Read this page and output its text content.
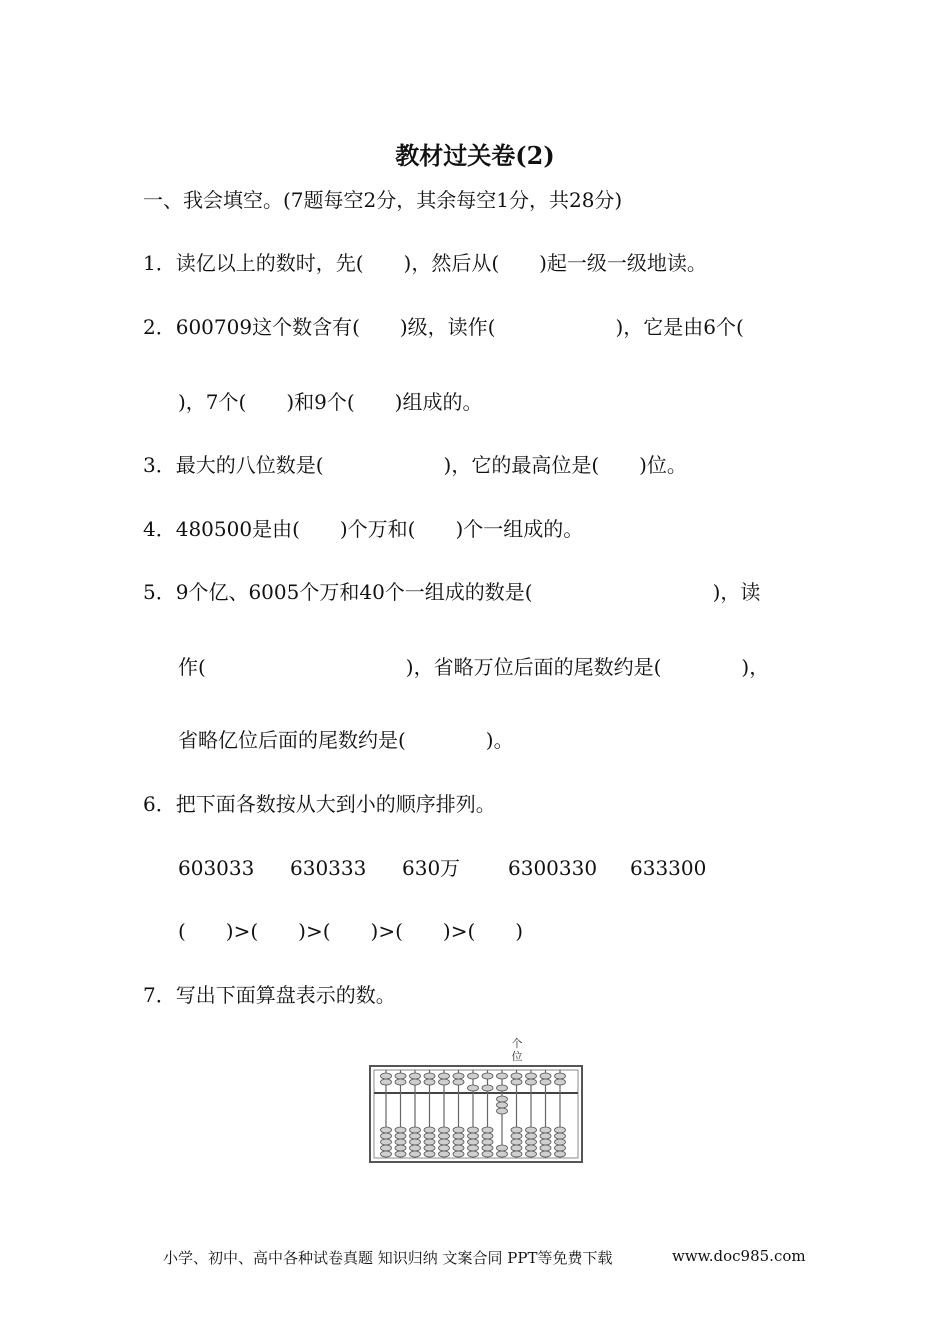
教材过关卷(2)
一、我会填空。(7题每空2分，其余每空1分，共28分)
1．读亿以上的数时，先(　　)，然后从(　　)起一级一级地读。
2．600709这个数含有(　　)级，读作(　　　　　　)，它是由6个(
)，7个(　　)和9个(　　)组成的。
3．最大的八位数是(　　　　　　)，它的最高位是(　　)位。
4．480500是由(　　)个万和(　　)个一组成的。
5．9个亿、6005个万和40个一组成的数是(　　　　　　　　　)，读
作(　　　　　　　　　　)，省略万位后面的尾数约是(　　　　)，
省略亿位后面的尾数约是(　　　　)。
6．把下面各数按从大到小的顺序排列。
603033 630333 630万 6300330 633300
(　　)>(　　)>(　　)>(　　)>(　　)
7．写出下面算盘表示的数。
个
位
小学、初中、高中各种试卷真题 知识归纳 文案合同 PPT等免费下载	www.doc985.com
